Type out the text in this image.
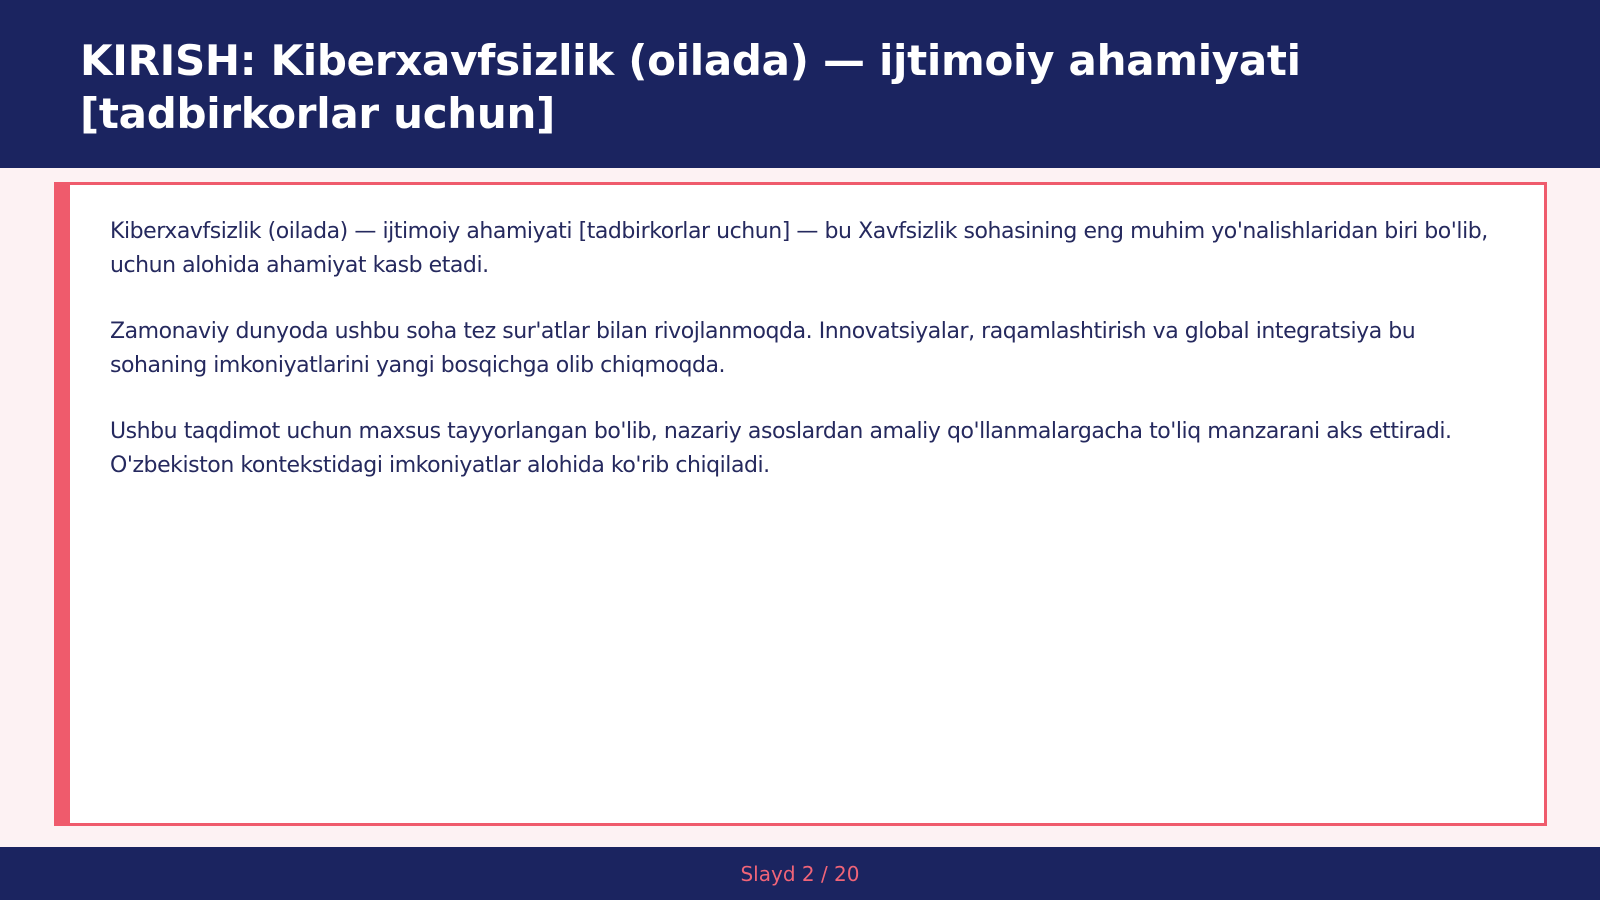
KIRISH: Kiberxavfsizlik (oilada) — ijtimoiy ahamiyati [tadbirkorlar uchun]

Kiberxavfsizlik (oilada) — ijtimoiy ahamiyati [tadbirkorlar uchun] — bu Xavfsizlik sohasining eng muhim yo'nalishlaridan biri bo'lib, uchun alohida ahamiyat kasb etadi.

Zamonaviy dunyoda ushbu soha tez sur'atlar bilan rivojlanmoqda. Innovatsiyalar, raqamlashtirish va global integratsiya bu sohaning imkoniyatlarini yangi bosqichga olib chiqmoqda.

Ushbu taqdimot uchun maxsus tayyorlangan bo'lib, nazariy asoslardan amaliy qo'llanmalargacha to'liq manzarani aks ettiradi. O'zbekiston kontekstidagi imkoniyatlar alohida ko'rib chiqiladi.

Slayd 2 / 20
